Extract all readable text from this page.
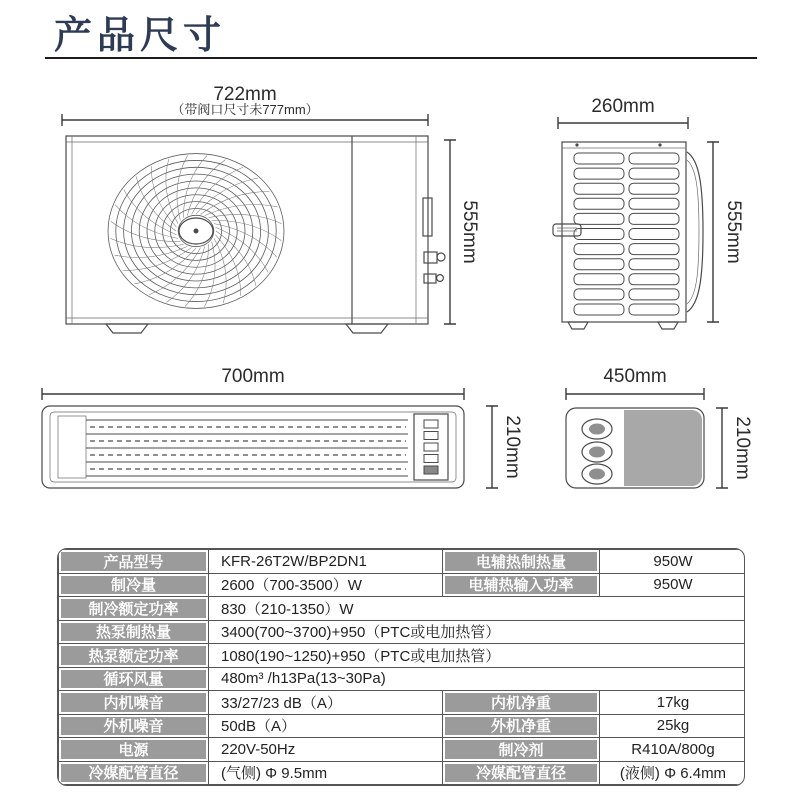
产品尺寸
722mm
（带阀口尺寸未777mm）
555mm
260mm
555mm
700mm
210mm
450mm
210mm
产品型号	KFR-26T2W/BP2DN1	电辅热制热量	950W
制冷量	2600（700-3500）W	电辅热输入功率	950W
制冷额定功率	830（210-1350）W		
热泵制热量	3400(700~3700)+950（PTC或电加热管）		
热泵额定功率	1080(190~1250)+950（PTC或电加热管）		
循环风量	480m³ /h13Pa(13~30Pa)		
内机噪音	33/27/23 dB（A）	内机净重	17kg
外机噪音	50dB（A）	外机净重	25kg
电源	220V-50Hz	制冷剂	R410A/800g
冷媒配管直径	(气侧) Φ 9.5mm	冷媒配管直径	(液侧) Φ 6.4mm
